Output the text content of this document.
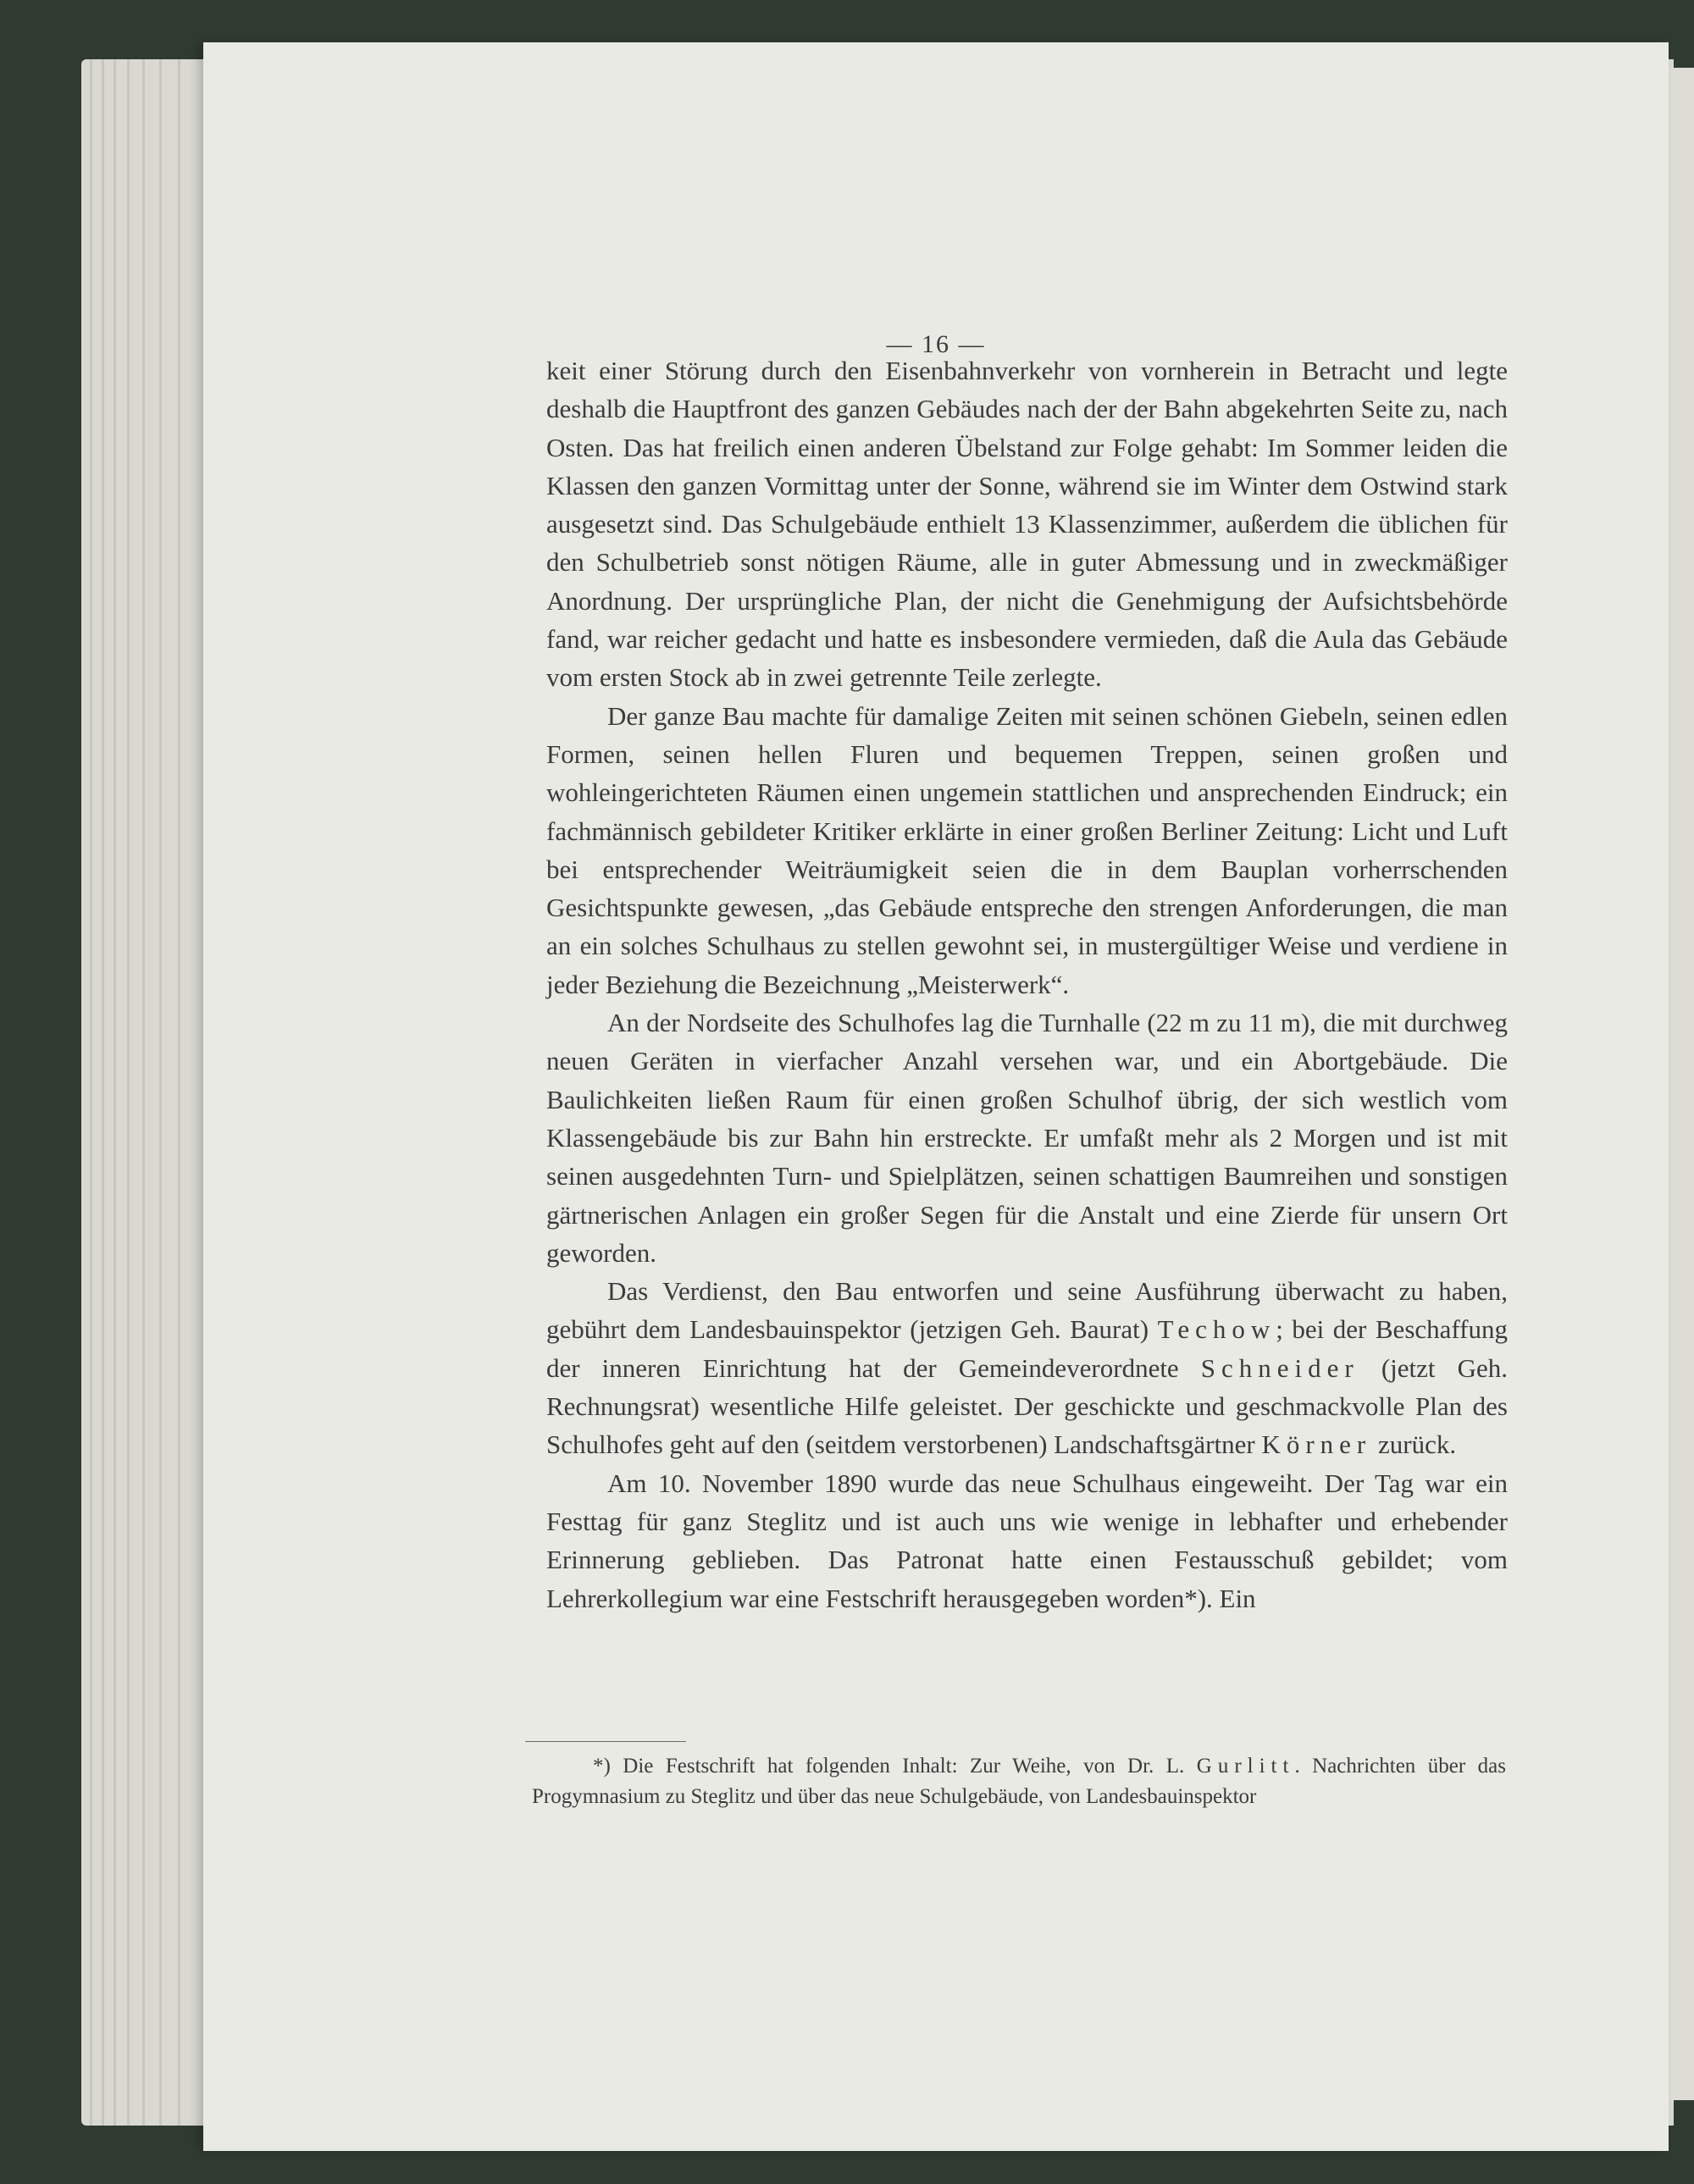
— 16 —

keit einer Störung durch den Eisenbahnverkehr von vornherein in Betracht und legte deshalb die Hauptfront des ganzen Gebäudes nach der der Bahn abgekehrten Seite zu, nach Osten. Das hat freilich einen anderen Übelstand zur Folge gehabt: Im Sommer leiden die Klassen den ganzen Vormittag unter der Sonne, während sie im Winter dem Ostwind stark ausgesetzt sind. Das Schulgebäude enthielt 13 Klassenzimmer, außerdem die üblichen für den Schulbetrieb sonst nötigen Räume, alle in guter Abmessung und in zweckmäßiger Anordnung. Der ursprüngliche Plan, der nicht die Genehmigung der Aufsichtsbehörde fand, war reicher gedacht und hatte es insbesondere vermieden, daß die Aula das Gebäude vom ersten Stock ab in zwei getrennte Teile zerlegte.

Der ganze Bau machte für damalige Zeiten mit seinen schönen Giebeln, seinen edlen Formen, seinen hellen Fluren und bequemen Treppen, seinen großen und wohleingerichteten Räumen einen ungemein stattlichen und ansprechenden Eindruck; ein fachmännisch gebildeter Kritiker erklärte in einer großen Berliner Zeitung: Licht und Luft bei entsprechender Weiträumigkeit seien die in dem Bauplan vorherrschenden Gesichtspunkte gewesen, „das Gebäude entspreche den strengen Anforderungen, die man an ein solches Schulhaus zu stellen gewohnt sei, in mustergültiger Weise und verdiene in jeder Beziehung die Bezeichnung „Meisterwerk“.

An der Nordseite des Schulhofes lag die Turnhalle (22 m zu 11 m), die mit durchweg neuen Geräten in vierfacher Anzahl versehen war, und ein Abortgebäude. Die Baulichkeiten ließen Raum für einen großen Schulhof übrig, der sich westlich vom Klassengebäude bis zur Bahn hin erstreckte. Er umfaßt mehr als 2 Morgen und ist mit seinen ausgedehnten Turn- und Spielplätzen, seinen schattigen Baumreihen und sonstigen gärtnerischen Anlagen ein großer Segen für die Anstalt und eine Zierde für unsern Ort geworden.

Das Verdienst, den Bau entworfen und seine Ausführung überwacht zu haben, gebührt dem Landesbauinspektor (jetzigen Geh. Baurat) Techow; bei der Beschaffung der inneren Einrichtung hat der Gemeindeverordnete Schneider (jetzt Geh. Rechnungsrat) wesentliche Hilfe geleistet. Der geschickte und geschmackvolle Plan des Schulhofes geht auf den (seitdem verstorbenen) Landschaftsgärtner Körner zurück.

Am 10. November 1890 wurde das neue Schulhaus eingeweiht. Der Tag war ein Festtag für ganz Steglitz und ist auch uns wie wenige in lebhafter und erhebender Erinnerung geblieben. Das Patronat hatte einen Festausschuß gebildet; vom Lehrerkollegium war eine Festschrift herausgegeben worden*). Ein

*) Die Festschrift hat folgenden Inhalt: Zur Weihe, von Dr. L. Gurlitt. Nachrichten über das Progymnasium zu Steglitz und über das neue Schulgebäude, von Landesbauinspektor
